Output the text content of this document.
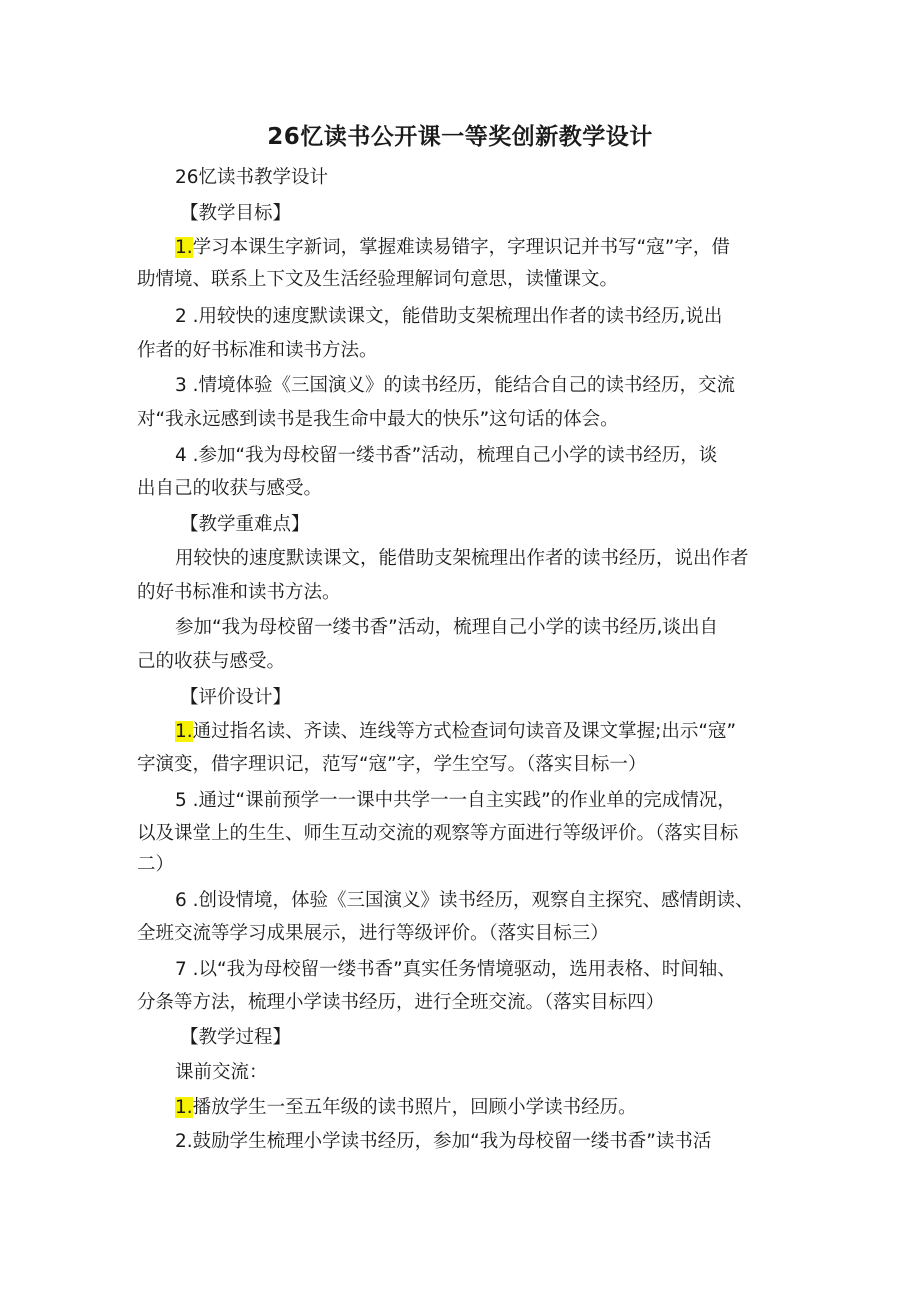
26忆读书公开课一等奖创新教学设计

26忆读书教学设计

【教学目标】

1.学习本课生字新词，掌握难读易错字，字理识记并书写“寇”字，借

助情境、联系上下文及生活经验理解词句意思，读懂课文。

2 .用较快的速度默读课文，能借助支架梳理出作者的读书经历,说出

作者的好书标准和读书方法。

3 .情境体验《三国演义》的读书经历，能结合自己的读书经历，交流

对“我永远感到读书是我生命中最大的快乐”这句话的体会。

4 .参加“我为母校留一缕书香”活动，梳理自己小学的读书经历，谈

出自己的收获与感受。

【教学重难点】

用较快的速度默读课文，能借助支架梳理出作者的读书经历，说出作者

的好书标准和读书方法。

参加“我为母校留一缕书香”活动，梳理自己小学的读书经历,谈出自

己的收获与感受。

【评价设计】

1.通过指名读、齐读、连线等方式检查词句读音及课文掌握;出示“寇”

字演变，借字理识记，范写“寇”字，学生空写。（落实目标一）

5 .通过“课前预学一一课中共学一一自主实践”的作业单的完成情况，

以及课堂上的生生、师生互动交流的观察等方面进行等级评价。（落实目标

二）

6 .创设情境，体验《三国演义》读书经历，观察自主探究、感情朗读、

全班交流等学习成果展示，进行等级评价。（落实目标三）

7 .以“我为母校留一缕书香”真实任务情境驱动，选用表格、时间轴、

分条等方法，梳理小学读书经历，进行全班交流。（落实目标四）

【教学过程】

课前交流：

1.播放学生一至五年级的读书照片，回顾小学读书经历。

2.鼓励学生梳理小学读书经历，参加“我为母校留一缕书香”读书活
